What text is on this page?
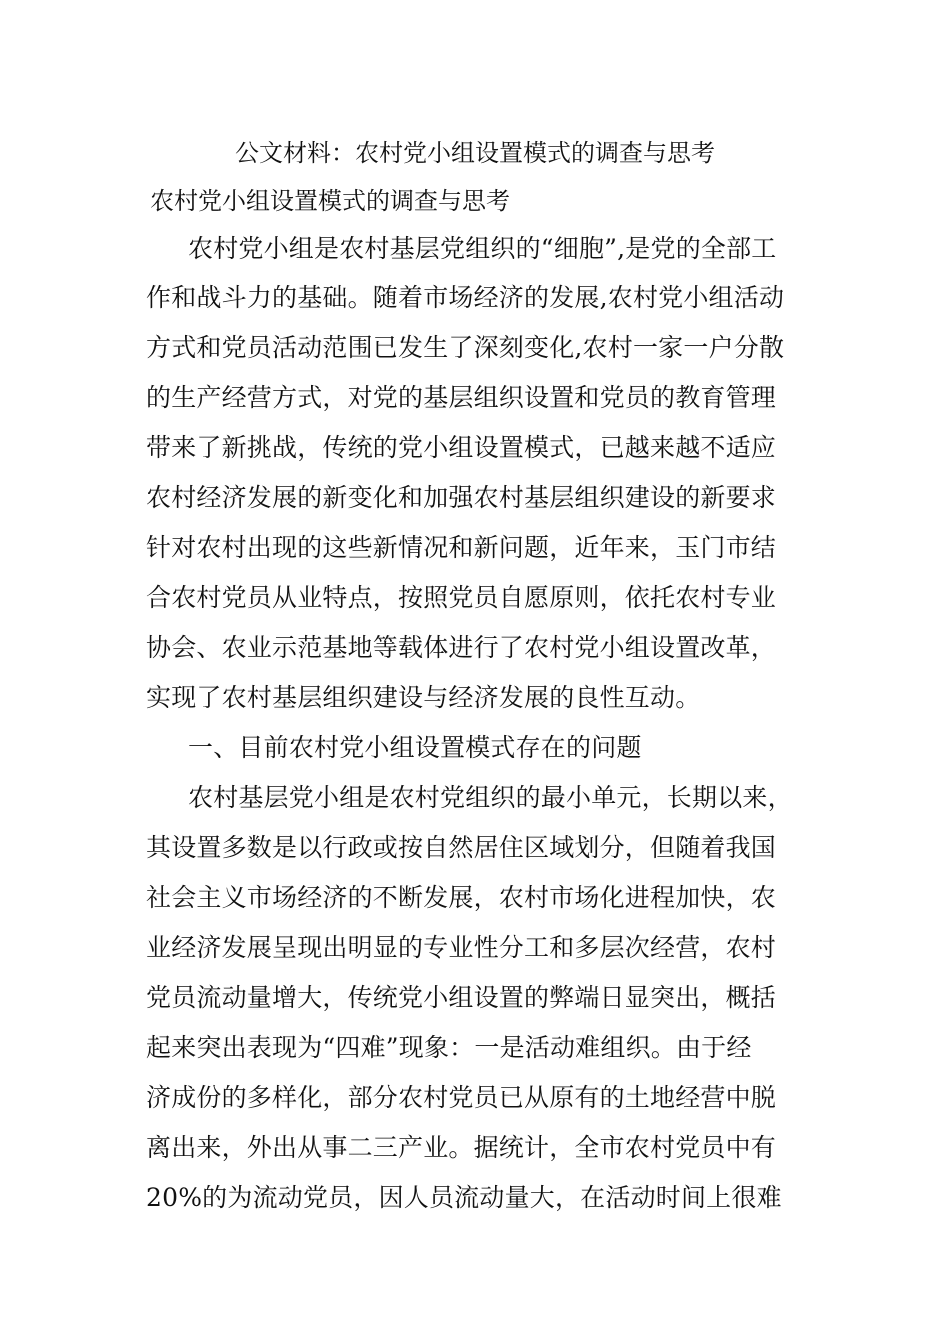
公文材料：农村党小组设置模式的调查与思考
农村党小组设置模式的调查与思考
农村党小组是农村基层党组织的“细胞”,是党的全部工
作和战斗力的基础。随着市场经济的发展,农村党小组活动
方式和党员活动范围已发生了深刻变化,农村一家一户分散
的生产经营方式，对党的基层组织设置和党员的教育管理
带来了新挑战，传统的党小组设置模式，已越来越不适应
农村经济发展的新变化和加强农村基层组织建设的新要求
针对农村出现的这些新情况和新问题，近年来，玉门市结
合农村党员从业特点，按照党员自愿原则，依托农村专业
协会、农业示范基地等载体进行了农村党小组设置改革，
实现了农村基层组织建设与经济发展的良性互动。
一、目前农村党小组设置模式存在的问题
农村基层党小组是农村党组织的最小单元，长期以来，
其设置多数是以行政或按自然居住区域划分，但随着我国
社会主义市场经济的不断发展，农村市场化进程加快，农
业经济发展呈现出明显的专业性分工和多层次经营，农村
党员流动量增大，传统党小组设置的弊端日显突出，概括
起来突出表现为“四难”现象：一是活动难组织。由于经
济成份的多样化，部分农村党员已从原有的土地经营中脱
离出来，外出从事二三产业。据统计，全市农村党员中有
20%的为流动党员，因人员流动量大，在活动时间上很难
